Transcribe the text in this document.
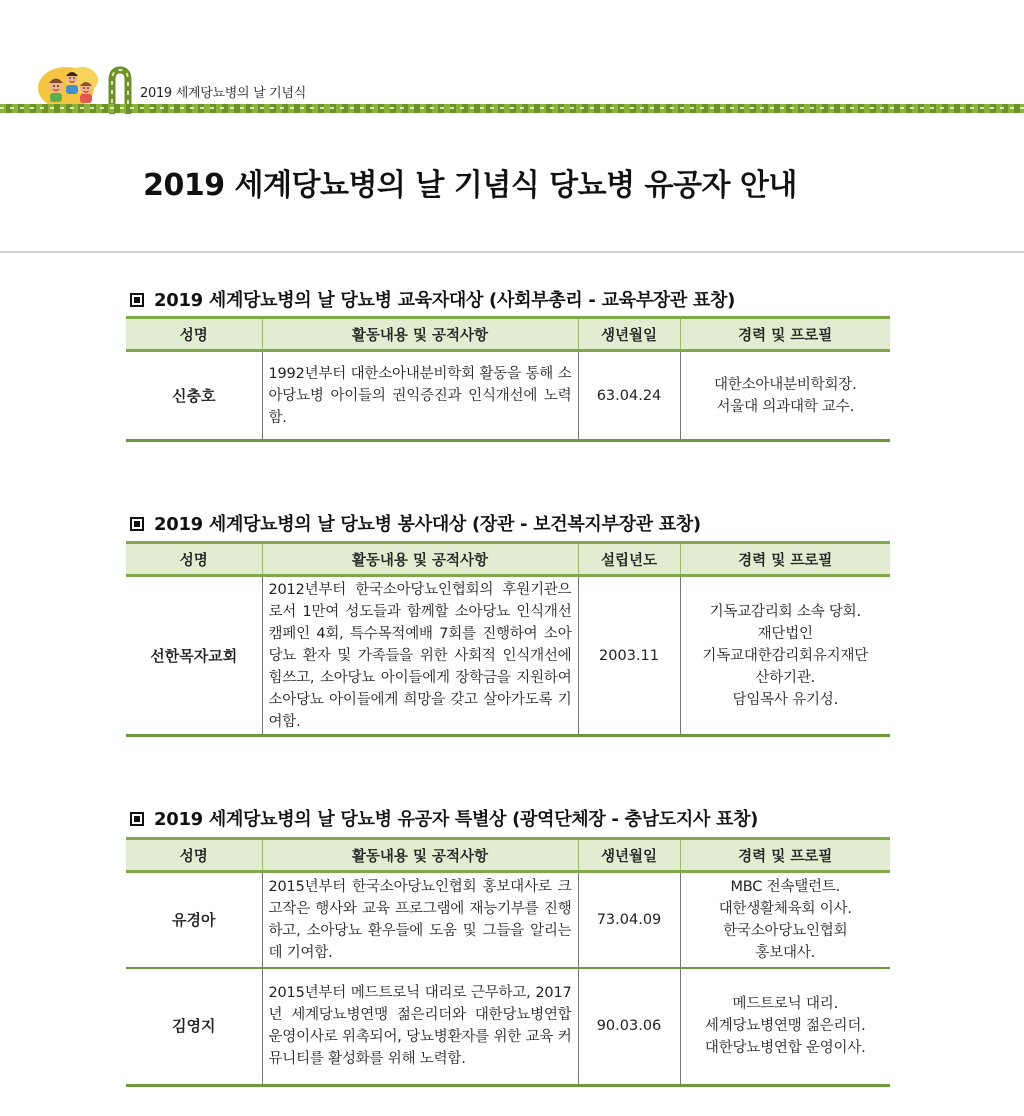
2019 세계당뇨병의 날 기념식
2019 세계당뇨병의 날 기념식 당뇨병 유공자 안내
2019 세계당뇨병의 날 당뇨병 교육자대상 (사회부총리 - 교육부장관 표창)
성명	활동내용 및 공적사항	생년월일	경력 및 프로필
신충호	1992년부터 대한소아내분비학회 활동을 통해 소아당뇨병 아이들의 권익증진과 인식개선에 노력함.	63.04.24	대한소아내분비학회장.
서울대 의과대학 교수.
2019 세계당뇨병의 날 당뇨병 봉사대상 (장관 - 보건복지부장관 표창)
성명	활동내용 및 공적사항	설립년도	경력 및 프로필
선한목자교회	2012년부터 한국소아당뇨인협회의 후원기관으로서 1만여 성도들과 함께할 소아당뇨 인식개선 캠페인 4회, 특수목적예배 7회를 진행하여 소아당뇨 환자 및 가족들을 위한 사회적 인식개선에 힘쓰고, 소아당뇨 아이들에게 장학금을 지원하여 소아당뇨 아이들에게 희망을 갖고 살아가도록 기여함.	2003.11	기독교감리회 소속 당회.
재단법인
기독교대한감리회유지재단
산하기관.
담임목사 유기성.
2019 세계당뇨병의 날 당뇨병 유공자 특별상 (광역단체장 - 충남도지사 표창)
성명	활동내용 및 공적사항	생년월일	경력 및 프로필
유경아	2015년부터 한국소아당뇨인협회 홍보대사로 크고작은 행사와 교육 프로그램에 재능기부를 진행하고, 소아당뇨 환우들에 도움 및 그들을 알리는 데 기여함.	73.04.09	MBC 전속탤런트.
대한생활체육회 이사.
한국소아당뇨인협회
홍보대사.

김영지	2015년부터 메드트로닉 대리로 근무하고, 2017년 세계당뇨병연맹 젊은리더와 대한당뇨병연합 운영이사로 위촉되어, 당뇨병환자를 위한 교육 커뮤니티를 활성화를 위해 노력함.	90.03.06	메드트로닉 대리.
세계당뇨병연맹 젊은리더.
대한당뇨병연합 운영이사.
